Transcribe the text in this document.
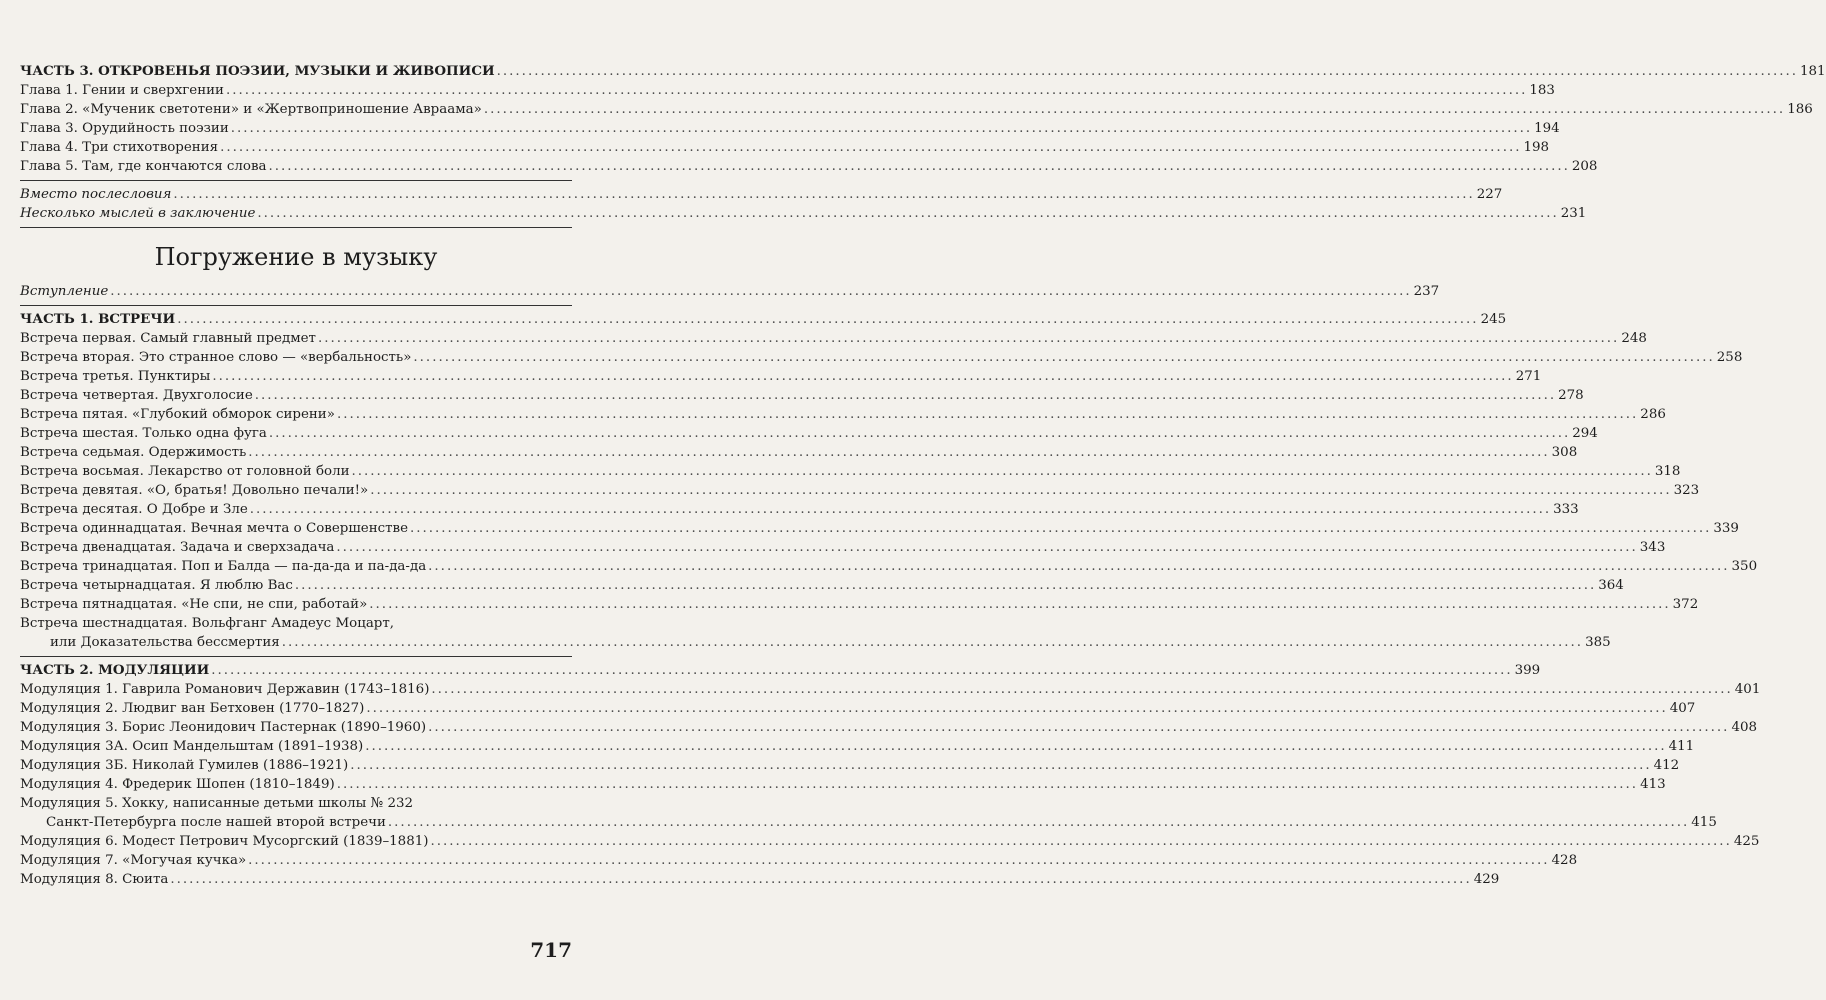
ЧАСТЬ 3. ОТКРОВЕНЬЯ ПОЭЗИИ, МУЗЫКИ И ЖИВОПИСИ .....	181
Глава 1. Гении и сверхгении .....	183
Глава 2. «Мученик светотени» и «Жертвоприношение Авраама» .....	186
Глава 3. Орудийность поэзии .....	194
Глава 4. Три стихотворения .....	198
Глава 5. Там, где кончаются слова .....	208
Вместо послесловия .....	227
Несколько мыслей в заключение .....	231
Погружение в музыку
Вступление .....	237
ЧАСТЬ 1. ВСТРЕЧИ .....	245
Встреча первая. Самый главный предмет .....	248
Встреча вторая. Это странное слово — «вербальность» .....	258
Встреча третья. Пунктиры .....	271
Встреча четвертая. Двухголосие .....	278
Встреча пятая. «Глубокий обморок сирени» .....	286
Встреча шестая. Только одна фуга .....	294
Встреча седьмая. Одержимость .....	308
Встреча восьмая. Лекарство от головной боли .....	318
Встреча девятая. «О, братья! Довольно печали!» .....	323
Встреча десятая. О Добре и Зле .....	333
Встреча одиннадцатая. Вечная мечта о Совершенстве .....	339
Встреча двенадцатая. Задача и сверхзадача .....	343
Встреча тринадцатая. Поп и Балда — па-да-да и па-да-да .....	350
Встреча четырнадцатая. Я люблю Вас .....	364
Встреча пятнадцатая. «Не спи, не спи, работай» .....	372
Встреча шестнадцатая. Вольфганг Амадеус Моцарт,
или Доказательства бессмертия .....	385
ЧАСТЬ 2. МОДУЛЯЦИИ .....	399
Модуляция 1. Гаврила Романович Державин (1743–1816) .....	401
Модуляция 2. Людвиг ван Бетховен (1770–1827) .....	407
Модуляция 3. Борис Леонидович Пастернак (1890–1960) .....	408
Модуляция 3А. Осип Мандельштам (1891–1938) .....	411
Модуляция 3Б. Николай Гумилев (1886–1921) .....	412
Модуляция 4. Фредерик Шопен (1810–1849) .....	413
Модуляция 5. Хокку, написанные детьми школы № 232
Санкт-Петербурга после нашей второй встречи .....	415
Модуляция 6. Модест Петрович Мусоргский (1839–1881) .....	425
Модуляция 7. «Могучая кучка» .....	428
Модуляция 8. Сюита .....	429
717
